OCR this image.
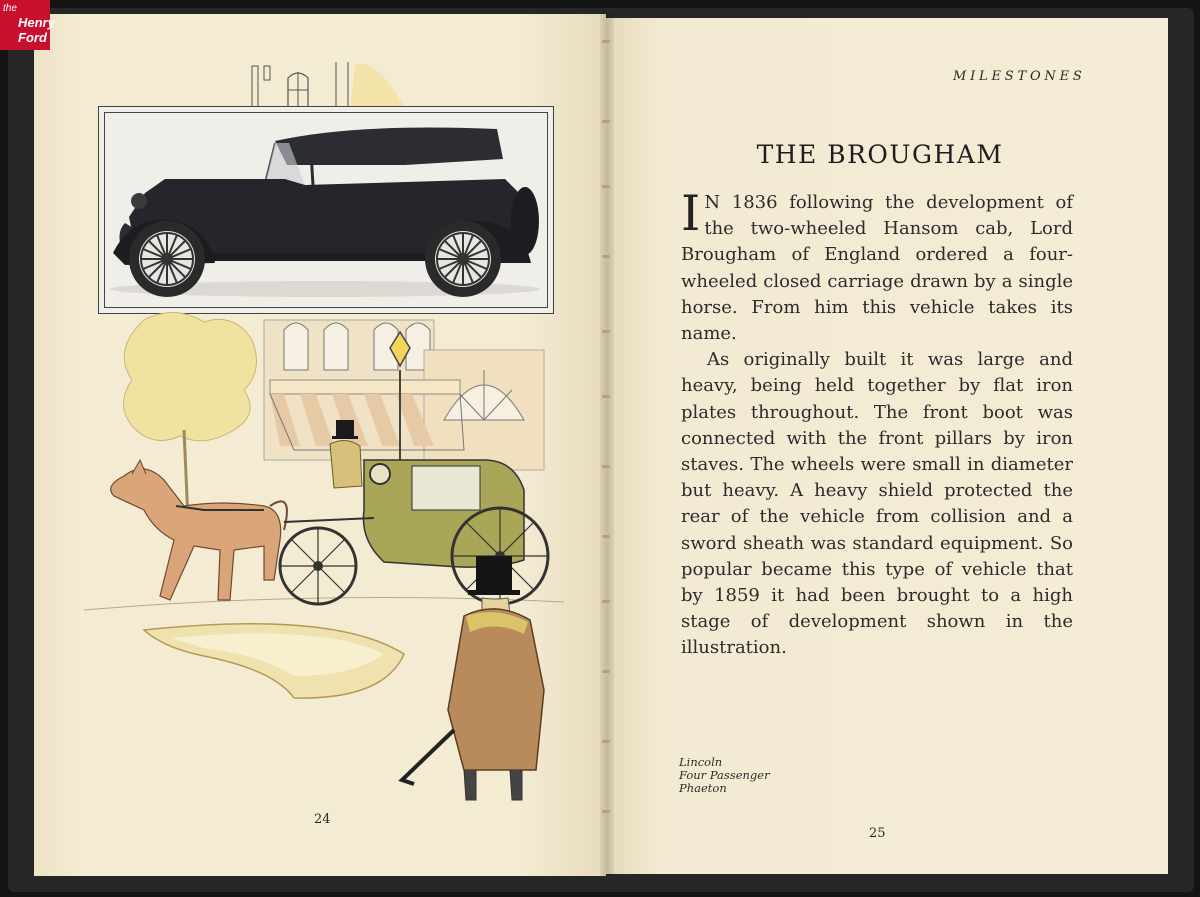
the
Henry
Ford
24
MILESTONES
THE BROUGHAM

I N 1836 following the development of the two-wheeled Hansom cab, Lord Brougham of England ordered a four-wheeled closed carriage drawn by a single horse. From him this vehicle takes its name.

As originally built it was large and heavy, being held together by flat iron plates throughout. The front boot was connected with the front pillars by iron staves. The wheels were small in diameter but heavy. A heavy shield protected the rear of the vehicle from collision and a sword sheath was standard equipment. So popular became this type of vehicle that by 1859 it had been brought to a high stage of development shown in the illustration.

Lincoln
Four Passenger
Phaeton
25
